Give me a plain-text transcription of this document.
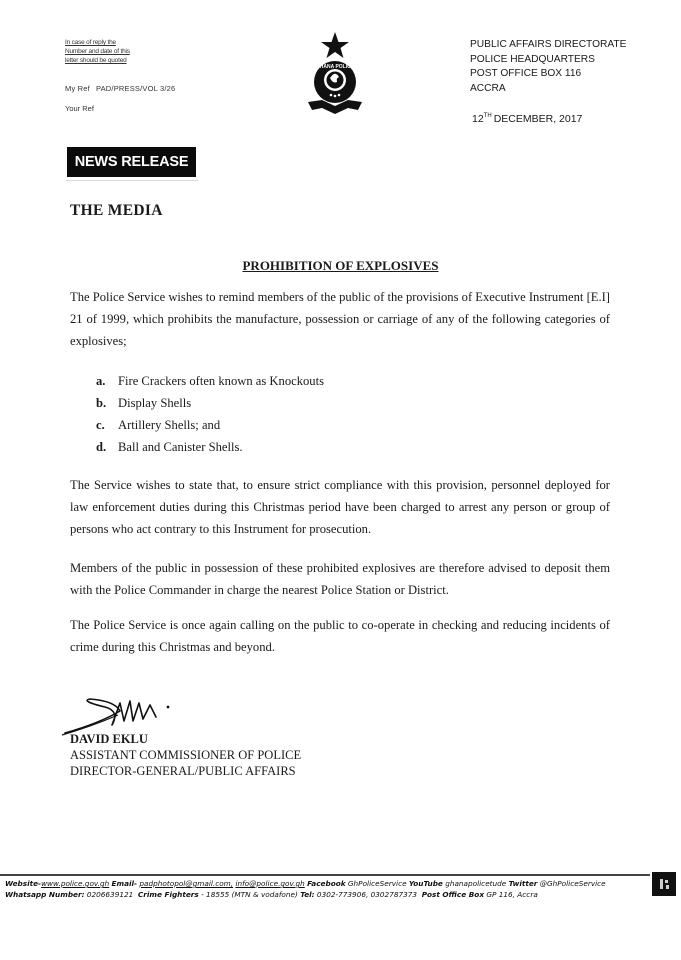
In case of reply the
Number and date of this
letter should be quoted
My Ref PAD/PRESS/VOL 3/26
Your Ref
GHANA POLICE
PUBLIC AFFAIRS DIRECTORATE
POLICE HEADQUARTERS
POST OFFICE BOX 116
ACCRA
12TH DECEMBER, 2017
NEWS RELEASE
THE MEDIA
PROHIBITION OF EXPLOSIVES
The Police Service wishes to remind members of the public of the provisions of Executive Instrument [E.I] 21 of 1999, which prohibits the manufacture, possession or carriage of any of the following categories of explosives;
a. Fire Crackers often known as Knockouts
b. Display Shells
c.	Artillery Shells; and
d. Ball and Canister Shells.
The Service wishes to state that, to ensure strict compliance with this provision, personnel deployed for law enforcement duties during this Christmas period have been charged to arrest any person or group of persons who act contrary to this Instrument for prosecution.
Members of the public in possession of these prohibited explosives are therefore advised to deposit them with the Police Commander in charge the nearest Police Station or District.
The Police Service is once again calling on the public to co-operate in checking and reducing incidents of crime during this Christmas and beyond.
DAVID EKLU
ASSISTANT COMMISSIONER OF POLICE
DIRECTOR-GENERAL/PUBLIC AFFAIRS
Website-www.police.gov.gh Email- padphotopol@gmail.com, info@police.gov.gh Facebook GhPoliceService YouTube ghanapolicetude Twitter @GhPoliceService
Whatsapp Number: 0206639121 Crime Fighters - 18555 (MTN & vodafone) Tel: 0302-773906, 0302787373 Post Office Box GP 116, Accra
